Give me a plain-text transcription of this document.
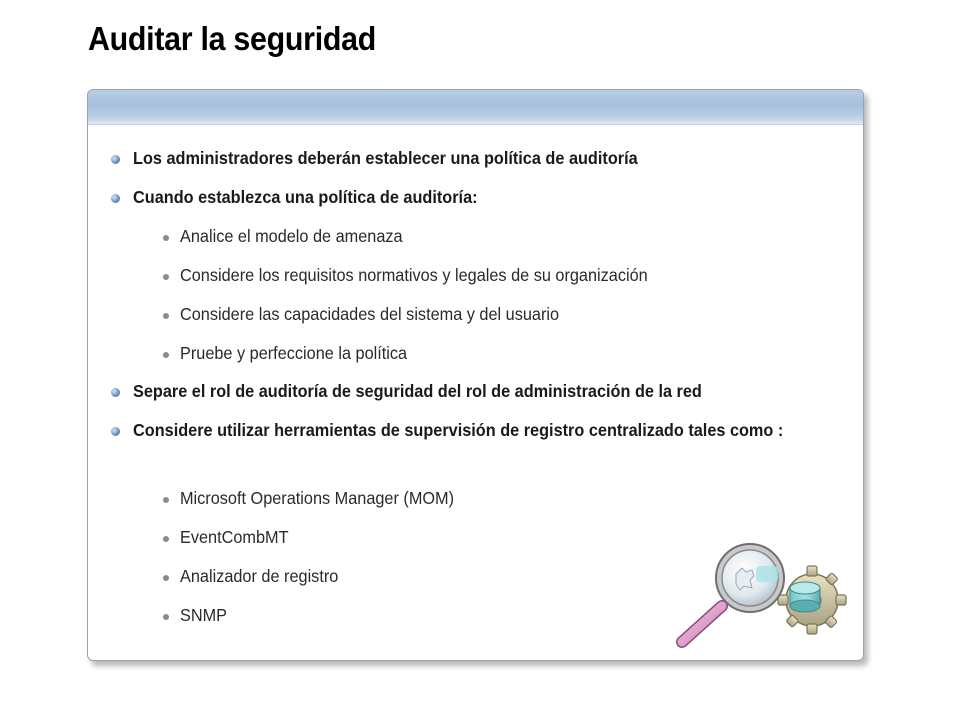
Auditar la seguridad
Los administradores deberán establecer una política de auditoría
Cuando establezca una política de auditoría:
Analice el modelo de amenaza
Considere los requisitos normativos y legales de su organización
Considere las capacidades del sistema y del usuario
Pruebe y perfeccione la política
Separe el rol de auditoría de seguridad del rol de administración de la red
Considere utilizar herramientas de supervisión de registro centralizado tales como :
Microsoft Operations Manager (MOM)
EventCombMT
Analizador de registro
SNMP
